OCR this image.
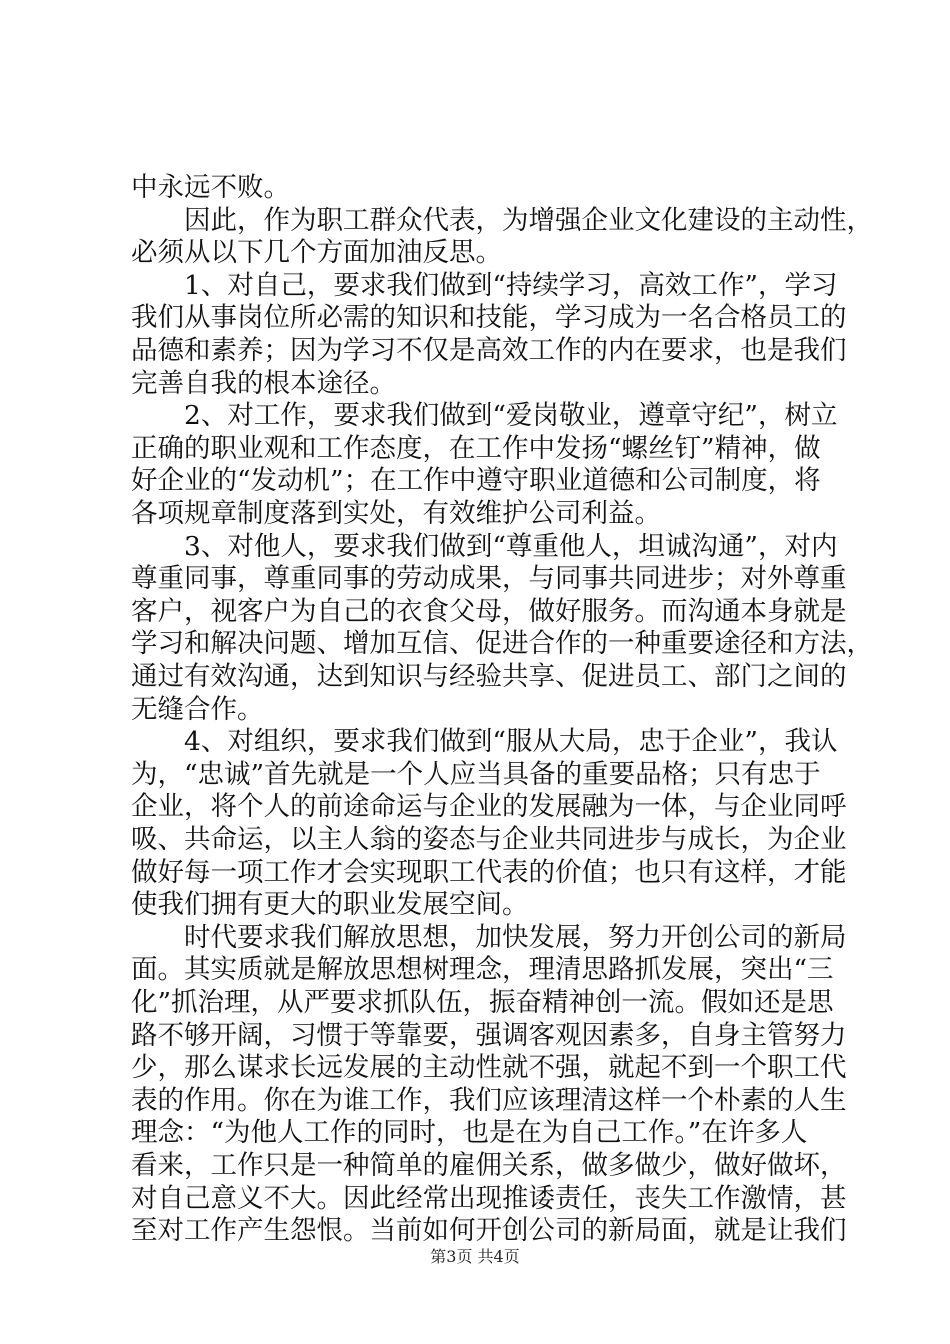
中永远不败。
　　因此，作为职工群众代表，为增强企业文化建设的主动性，
必须从以下几个方面加油反思。
　　1、对自己，要求我们做到“持续学习，高效工作”，学习
我们从事岗位所必需的知识和技能，学习成为一名合格员工的
品德和素养；因为学习不仅是高效工作的内在要求，也是我们
完善自我的根本途径。
　　2、对工作，要求我们做到“爱岗敬业，遵章守纪”，树立
正确的职业观和工作态度，在工作中发扬“螺丝钉”精神，做
好企业的“发动机”；在工作中遵守职业道德和公司制度，将
各项规章制度落到实处，有效维护公司利益。
　　3、对他人，要求我们做到“尊重他人，坦诚沟通”，对内
尊重同事，尊重同事的劳动成果，与同事共同进步；对外尊重
客户，视客户为自己的衣食父母，做好服务。而沟通本身就是
学习和解决问题、增加互信、促进合作的一种重要途径和方法，
通过有效沟通，达到知识与经验共享、促进员工、部门之间的
无缝合作。
　　4、对组织，要求我们做到“服从大局，忠于企业”，我认
为，“忠诚”首先就是一个人应当具备的重要品格；只有忠于
企业，将个人的前途命运与企业的发展融为一体，与企业同呼
吸、共命运，以主人翁的姿态与企业共同进步与成长，为企业
做好每一项工作才会实现职工代表的价值；也只有这样，才能
使我们拥有更大的职业发展空间。
　　时代要求我们解放思想，加快发展，努力开创公司的新局
面。其实质就是解放思想树理念，理清思路抓发展，突出“三
化”抓治理，从严要求抓队伍，振奋精神创一流。假如还是思
路不够开阔，习惯于等靠要，强调客观因素多，自身主管努力
少，那么谋求长远发展的主动性就不强，就起不到一个职工代
表的作用。你在为谁工作，我们应该理清这样一个朴素的人生
理念：“为他人工作的同时，也是在为自己工作。”在许多人
看来，工作只是一种简单的雇佣关系，做多做少，做好做坏，
对自己意义不大。因此经常出现推诿责任，丧失工作激情，甚
至对工作产生怨恨。当前如何开创公司的新局面，就是让我们
第3页 共4页
